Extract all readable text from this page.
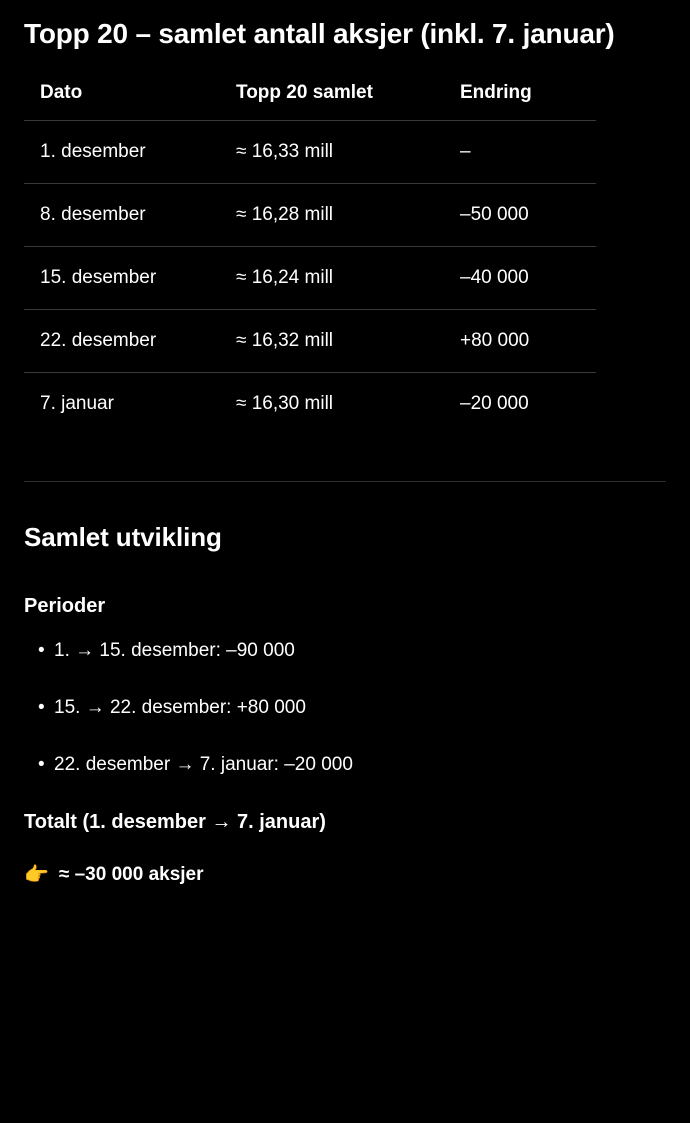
Topp 20 – samlet antall aksjer (inkl. 7. januar)
Dato	Topp 20 samlet	Endring
1. desember	≈ 16,33 mill	–
8. desember	≈ 16,28 mill	–50 000
15. desember	≈ 16,24 mill	–40 000
22. desember	≈ 16,32 mill	+80 000
7. januar	≈ 16,30 mill	–20 000
Samlet utvikling
Perioder
• 1. → 15. desember: –90 000
• 15. → 22. desember: +80 000
• 22. desember → 7. januar: –20 000
Totalt (1. desember → 7. januar)
👉 ≈ –30 000 aksjer
